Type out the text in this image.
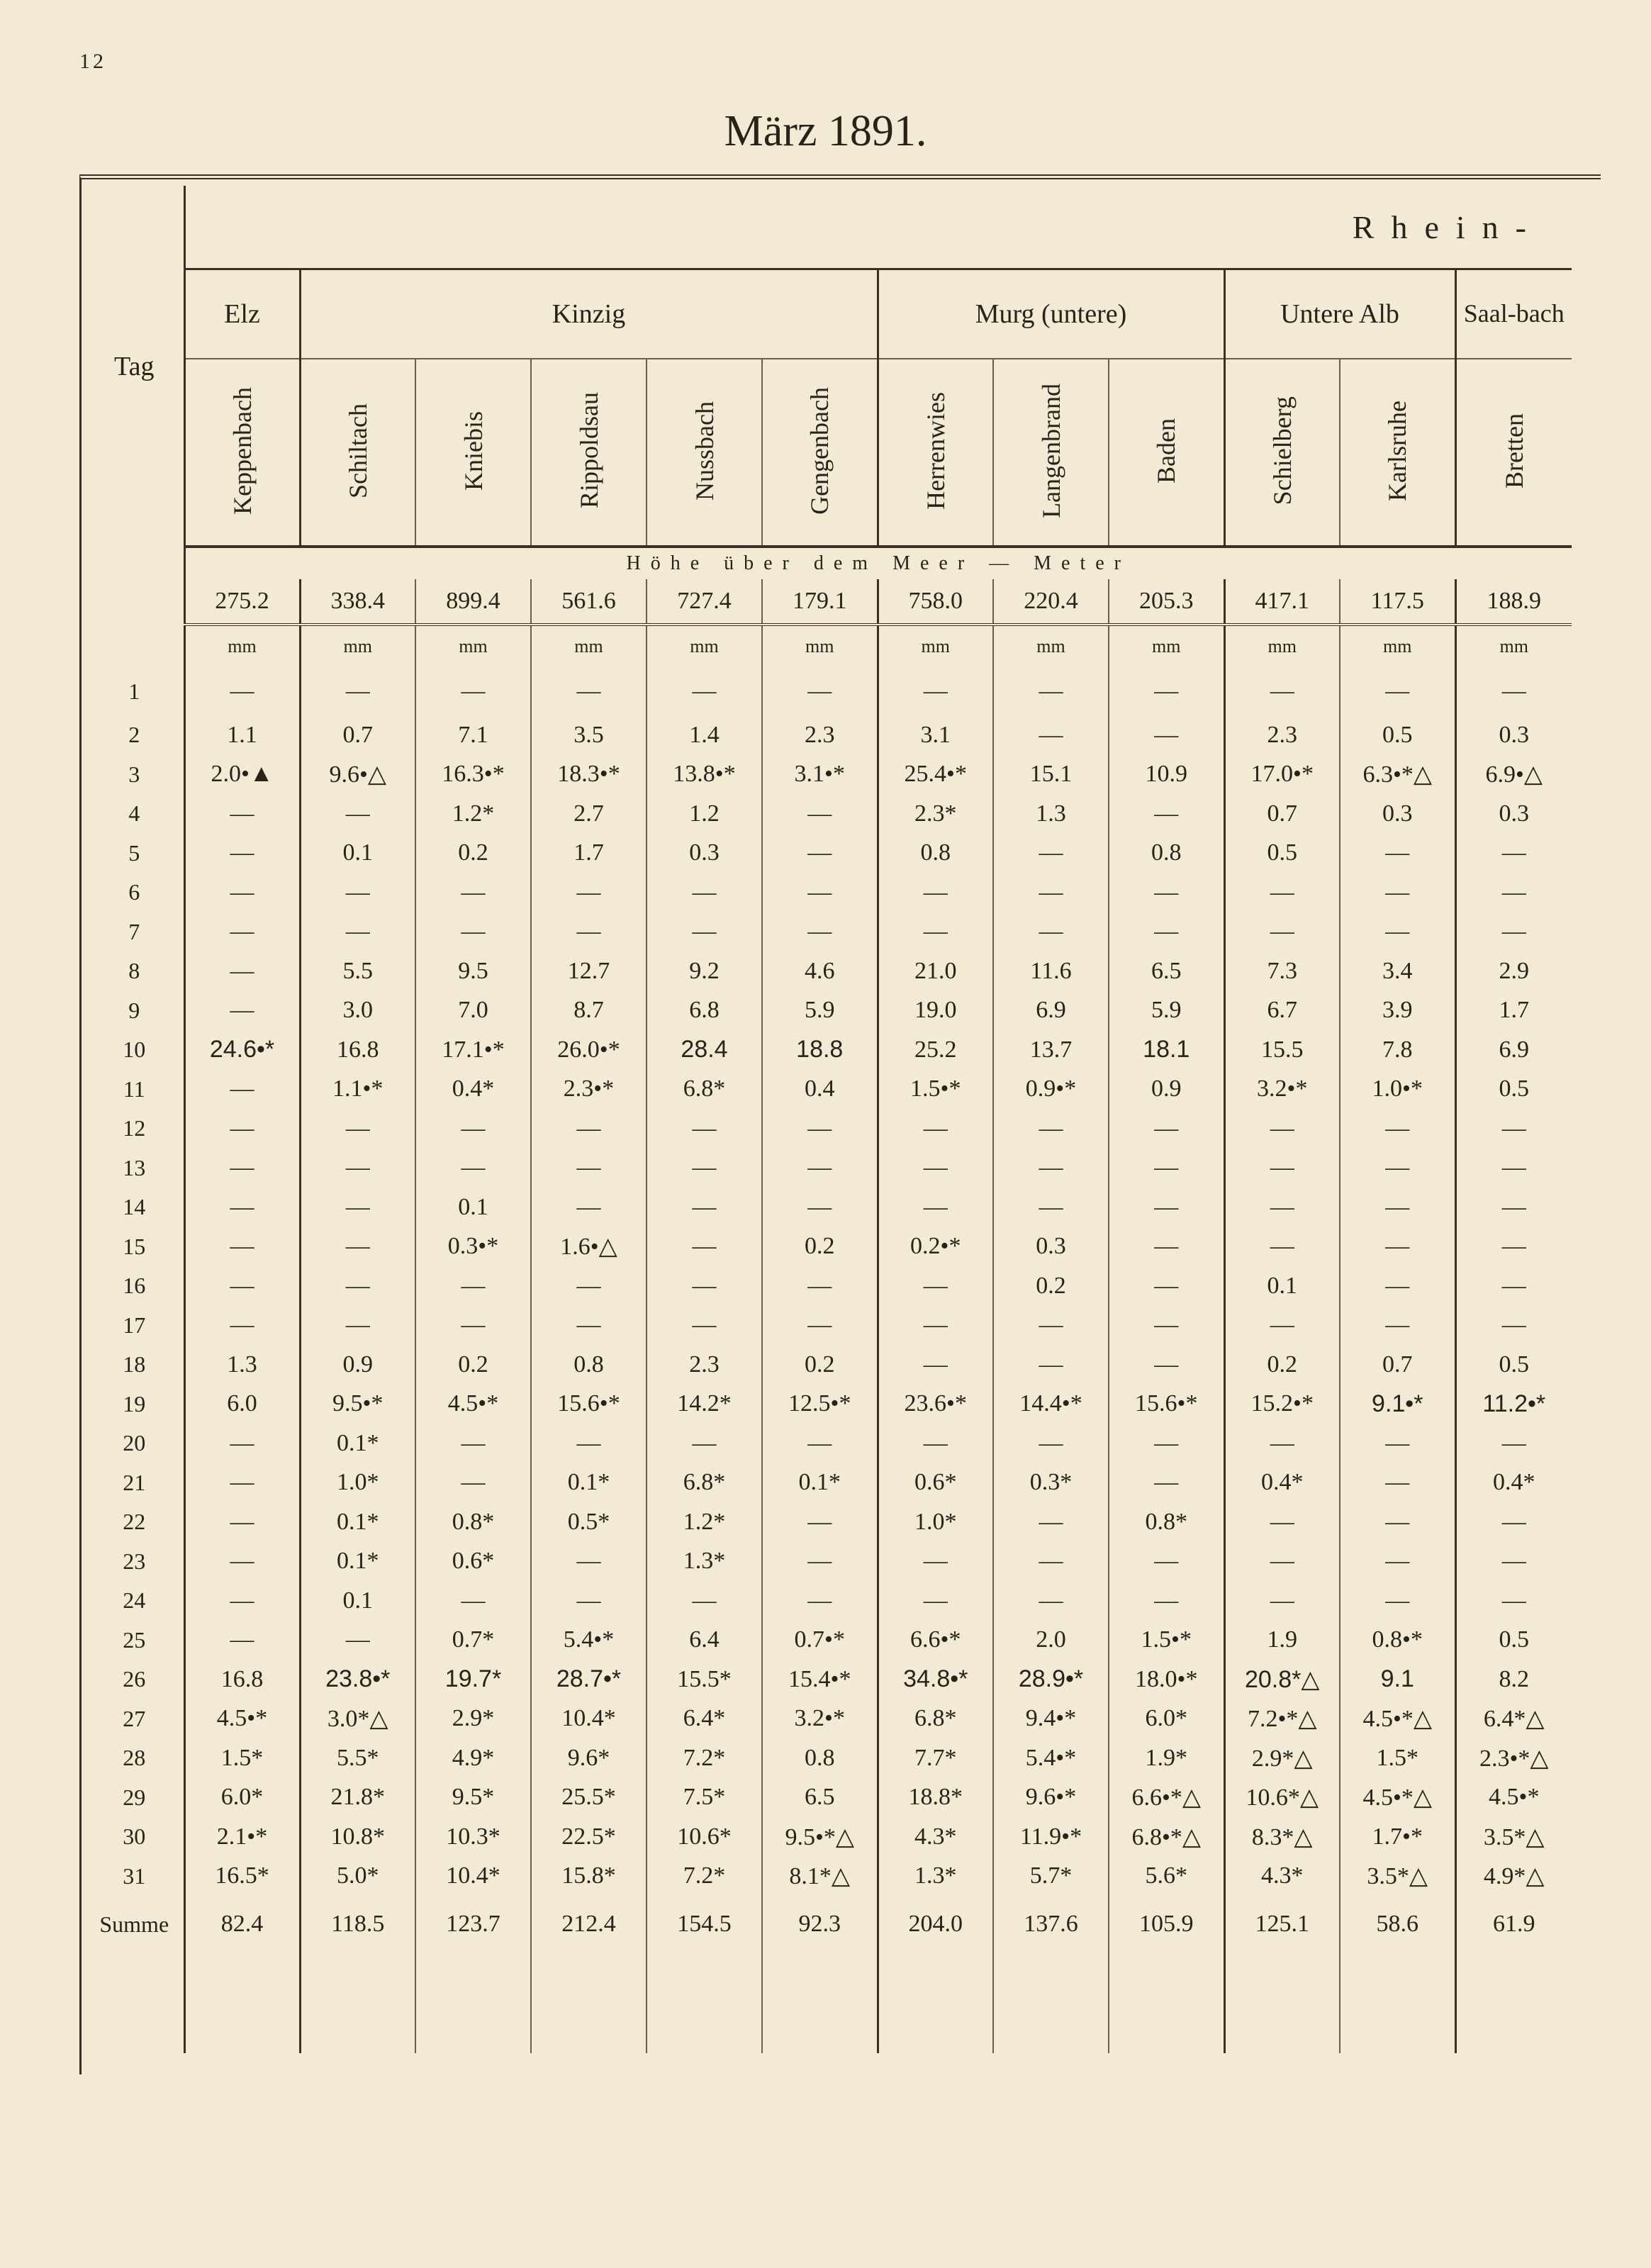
12
März 1891.
Tag	Rhein-											
	Elz	Kinzig					Murg (untere)			Untere Alb		Saal-bach
	Keppenbach	Schiltach	Kniebis	Rippoldsau	Nussbach	Gengenbach	Herrenwies	Langenbrand	Baden	Schielberg	Karlsruhe	Bretten
	Höhe über dem Meer — Meter											
	275.2	338.4	899.4	561.6	727.4	179.1	758.0	220.4	205.3	417.1	117.5	188.9
	mm	mm	mm	mm	mm	mm	mm	mm	mm	mm	mm	mm
1	—	—	—	—	—	—	—	—	—	—	—	—
2	1.1	0.7	7.1	3.5	1.4	2.3	3.1	—	—	2.3	0.5	0.3
3	2.0•▲	9.6•△	16.3•*	18.3•*	13.8•*	3.1•*	25.4•*	15.1	10.9	17.0•*	6.3•*△	6.9•△
4	—	—	1.2*	2.7	1.2	—	2.3*	1.3	—	0.7	0.3	0.3
5	—	0.1	0.2	1.7	0.3	—	0.8	—	0.8	0.5	—	—
6	—	—	—	—	—	—	—	—	—	—	—	—
7	—	—	—	—	—	—	—	—	—	—	—	—
8	—	5.5	9.5	12.7	9.2	4.6	21.0	11.6	6.5	7.3	3.4	2.9
9	—	3.0	7.0	8.7	6.8	5.9	19.0	6.9	5.9	6.7	3.9	1.7
10	24.6•*	16.8	17.1•*	26.0•*	28.4	18.8	25.2	13.7	18.1	15.5	7.8	6.9
11	—	1.1•*	0.4*	2.3•*	6.8*	0.4	1.5•*	0.9•*	0.9	3.2•*	1.0•*	0.5
12	—	—	—	—	—	—	—	—	—	—	—	—
13	—	—	—	—	—	—	—	—	—	—	—	—
14	—	—	0.1	—	—	—	—	—	—	—	—	—
15	—	—	0.3•*	1.6•△	—	0.2	0.2•*	0.3	—	—	—	—
16	—	—	—	—	—	—	—	0.2	—	0.1	—	—
17	—	—	—	—	—	—	—	—	—	—	—	—
18	1.3	0.9	0.2	0.8	2.3	0.2	—	—	—	0.2	0.7	0.5
19	6.0	9.5•*	4.5•*	15.6•*	14.2*	12.5•*	23.6•*	14.4•*	15.6•*	15.2•*	9.1•*	11.2•*
20	—	0.1*	—	—	—	—	—	—	—	—	—	—
21	—	1.0*	—	0.1*	6.8*	0.1*	0.6*	0.3*	—	0.4*	—	0.4*
22	—	0.1*	0.8*	0.5*	1.2*	—	1.0*	—	0.8*	—	—	—
23	—	0.1*	0.6*	—	1.3*	—	—	—	—	—	—	—
24	—	0.1	—	—	—	—	—	—	—	—	—	—
25	—	—	0.7*	5.4•*	6.4	0.7•*	6.6•*	2.0	1.5•*	1.9	0.8•*	0.5
26	16.8	23.8•*	19.7*	28.7•*	15.5*	15.4•*	34.8•*	28.9•*	18.0•*	20.8*△	9.1	8.2
27	4.5•*	3.0*△	2.9*	10.4*	6.4*	3.2•*	6.8*	9.4•*	6.0*	7.2•*△	4.5•*△	6.4*△
28	1.5*	5.5*	4.9*	9.6*	7.2*	0.8	7.7*	5.4•*	1.9*	2.9*△	1.5*	2.3•*△
29	6.0*	21.8*	9.5*	25.5*	7.5*	6.5	18.8*	9.6•*	6.6•*△	10.6*△	4.5•*△	4.5•*
30	2.1•*	10.8*	10.3*	22.5*	10.6*	9.5•*△	4.3*	11.9•*	6.8•*△	8.3*△	1.7•*	3.5*△
31	16.5*	5.0*	10.4*	15.8*	7.2*	8.1*△	1.3*	5.7*	5.6*	4.3*	3.5*△	4.9*△
Summe	82.4	118.5	123.7	212.4	154.5	92.3	204.0	137.6	105.9	125.1	58.6	61.9
